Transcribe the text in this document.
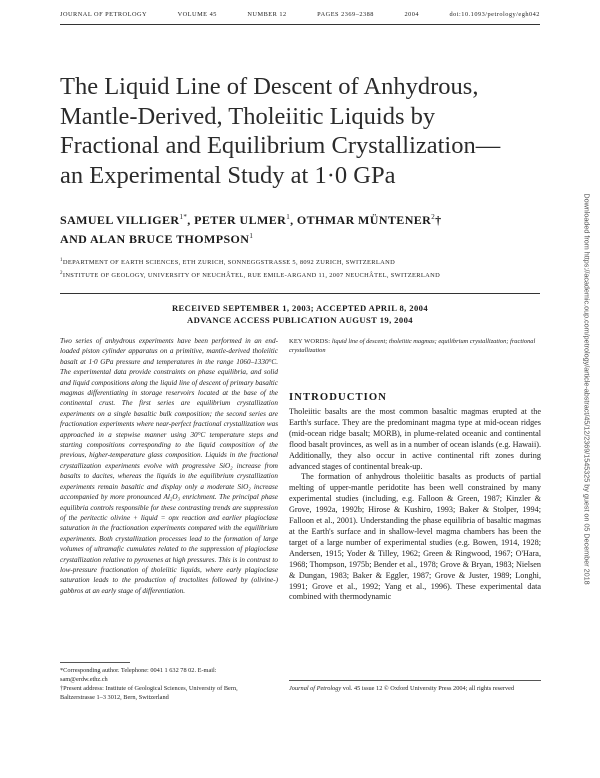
JOURNAL OF PETROLOGY	VOLUME 45	NUMBER 12	PAGES 2369–2388	2004	doi:10.1093/petrology/egh042
The Liquid Line of Descent of Anhydrous,
Mantle-Derived, Tholeiitic Liquids by
Fractional and Equilibrium Crystallization—
an Experimental Study at 1·0 GPa
SAMUEL $VILLIGER^{1*}$, PETER ULMER$^1$, OTHMAR MÜNTENER$^2$†
AND ALAN BRUCE THOMPSON$^1$
$^1$DEPARTMENT OF EARTH SCIENCES, ETH ZURICH, SONNEGGSTRASSE 5, 8092 ZURICH, SWITZERLAND
$^2$INSTITUTE OF GEOLOGY, UNIVERSITY OF NEUCHÂTEL, RUE EMILE-ARGAND 11, 2007 NEUCHÂTEL, SWITZERLAND
RECEIVED SEPTEMBER 1, 2003; ACCEPTED APRIL 8, 2004
ADVANCE ACCESS PUBLICATION AUGUST 19, 2004
Two series of anhydrous experiments have been performed in an end-loaded piston cylinder apparatus on a primitive, mantle-derived tholeiitic basalt at 1·0 GPa pressure and temperatures in the range 1060–1330°C. The experimental data provide constraints on phase equilibria, and solid and liquid compositions along the liquid line of descent of primary basaltic magmas differentiating in storage reservoirs located at the base of the continental crust. The first series are equilibrium crystallization experiments on a single basaltic bulk composition; the second series are fractionation experiments where near-perfect fractional crystallization was approached in a stepwise manner using 30°C temperature steps and starting compositions corresponding to the liquid composition of the previous, higher-temperature glass composition. Liquids in the fractional crystallization experiments evolve with progressive SiO₂ increase from basalts to dacites, whereas the liquids in the equilibrium crystallization experiments remain basaltic and display only a moderate SiO₂ increase accompanied by more pronounced Al₂O₃ enrichment. The principal phase equilibria controls responsible for these contrasting trends are suppression of the peritectic olivine + liquid = opx reaction and earlier plagioclase saturation in the fractionation experiments compared with the equilibrium experiments. Both crystallization processes lead to the formation of large volumes of ultramafic cumulates related to the suppression of plagioclase crystallization relative to pyroxenes at high pressures. This is in contrast to low-pressure fractionation of tholeiitic liquids, where early plagioclase saturation leads to the production of troctolites followed by (olivine-) gabbros at an early stage of differentiation.
KEY WORDS: liquid line of descent; tholeiitic magmas; equilibrium crystallization; fractional crystallization
INTRODUCTION

Tholeiitic basalts are the most common basaltic magmas erupted at the Earth's surface. They are the predominant magma type at mid-ocean ridges (mid-ocean ridge basalt; MORB), in plume-related oceanic and continental flood basalt provinces, as well as in a number of ocean islands (e.g. Hawaii). Additionally, they also occur in active continental rift zones during advanced stages of continental break-up.

The formation of anhydrous tholeiitic basalts as products of partial melting of upper-mantle peridotite has been well constrained by many experimental studies (including, e.g. Falloon & Green, 1987; Kinzler & Grove, 1992a, 1992b; Hirose & Kushiro, 1993; Baker & Stolper, 1994; Falloon et al., 2001). Understanding the phase equilibria of basaltic magmas at the Earth's surface and in shallow-level magma chambers has been the target of a large number of experimental studies (e.g. Bowen, 1914, 1928; Andersen, 1915; Yoder & Tilley, 1962; Green & Ringwood, 1967; O'Hara, 1968; Thompson, 1975b; Bender et al., 1978; Grove & Bryan, 1983; Nielsen & Dungan, 1983; Baker & Eggler, 1987; Grove & Juster, 1989; Longhi, 1991; Grove et al., 1992; Yang et al., 1996). These experimental data combined with thermodynamic

*Corresponding author. Telephone: 0041 1 632 78 02. E-mail:
sam@erdw.ethz.ch
†Present address: Institute of Geological Sciences, University of Bern,
Baltzerstrasse 1–3 3012, Bern, Switzerland
Journal of Petrology vol. 45 issue 12 © Oxford University Press 2004; all rights reserved
Downloaded from https://academic.oup.com/petrology/article-abstract/45/12/2369/1545325 by guest on 05 December 2018
